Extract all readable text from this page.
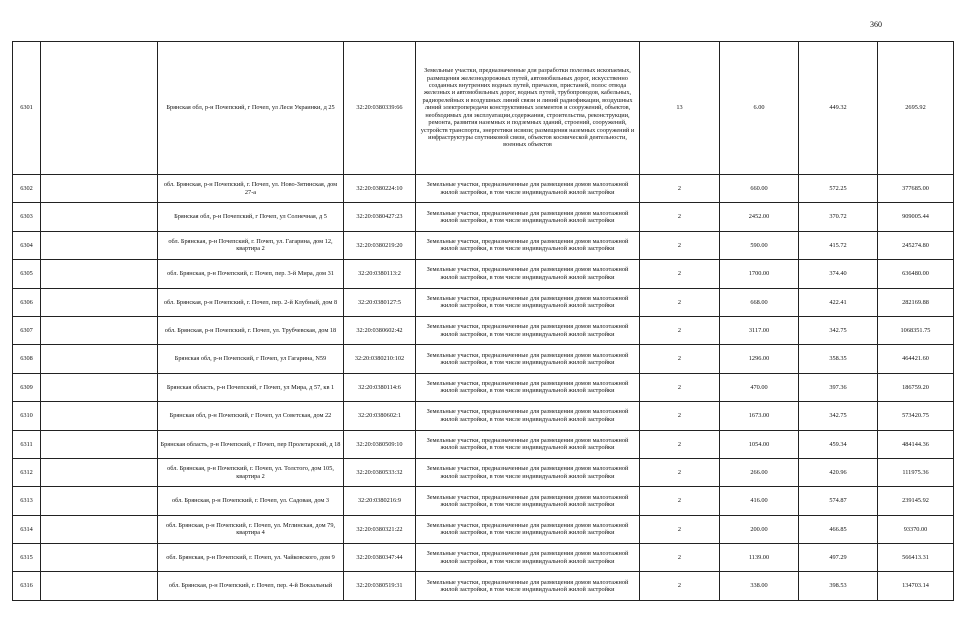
360
6301		Брянская обл, р-н Почепский, г Почеп, ул Леси Украинки, д 25	32:20:0380339:66	Земельные участки, предназначенные для разработки полезных ископаемых, размещения железнодорожных путей, автомобильных дорог, искусственно созданных внутренних водных путей, причалов, пристаней, полос отвода железных и автомобильных дорог, водных путей, трубопроводов, кабельных, радиорелейных и воздушных линий связи и линий радиофикации, воздушных линий электропередачи конструктивных элементов и сооружений, объектов, необходимых для эксплуатации,содержания, строительства, реконструкции, ремонта, развития наземных и подземных зданий, строений, сооружений, устройств транспорта, энергетики исвязи; размещения наземных сооружений и инфраструктуры спутниковой связи, объектов космической деятельности, военных объектов	13	6.00	449.32	2695.92
6302		обл. Брянская, р-н Почепский, г. Почеп, ул. Ново-Зятинская, дом 27-а	32:20:0380224:10	Земельные участки, предназначенные для размещения домов малоэтажной жилой застройки, в том числе индивидуальной жилой застройки	2	660.00	572.25	377685.00
6303		Брянская обл, р-н Почепский, г Почеп, ул Солнечная, д 5	32:20:0380427:23	Земельные участки, предназначенные для размещения домов малоэтажной жилой застройки, в том числе индивидуальной жилой застройки	2	2452.00	370.72	909005.44
6304		обл. Брянская, р-н Почепский, г. Почеп, ул. Гагарина, дом 12, квартира 2	32:20:0380219:20	Земельные участки, предназначенные для размещения домов малоэтажной жилой застройки, в том числе индивидуальной жилой застройки	2	590.00	415.72	245274.80
6305		обл. Брянская, р-н Почепский, г. Почеп, пер. 3-й Мира, дом 31	32:20:0380113:2	Земельные участки, предназначенные для размещения домов малоэтажной жилой застройки, в том числе индивидуальной жилой застройки	2	1700.00	374.40	636480.00
6306		обл. Брянская, р-н Почепский, г. Почеп, пер. 2-й Клубный, дом 8	32:20:0380127:5	Земельные участки, предназначенные для размещения домов малоэтажной жилой застройки, в том числе индивидуальной жилой застройки	2	668.00	422.41	282169.88
6307		обл. Брянская, р-н Почепский, г. Почеп, ул. Трубчевская, дом 18	32:20:0380602:42	Земельные участки, предназначенные для размещения домов малоэтажной жилой застройки, в том числе индивидуальной жилой застройки	2	3117.00	342.75	1068351.75
6308		Брянская обл, р-н Почепский, г Почеп, ул Гагарина, N59	32:20:0380210:102	Земельные участки, предназначенные для размещения домов малоэтажной жилой застройки, в том числе индивидуальной жилой застройки	2	1296.00	358.35	464421.60
6309		Брянская область, р-н Почепский, г Почеп, ул Мира, д 57, кв 1	32:20:0380114:6	Земельные участки, предназначенные для размещения домов малоэтажной жилой застройки, в том числе индивидуальной жилой застройки	2	470.00	397.36	186759.20
6310		Брянская обл, р-н Почепский, г Почеп, ул Советская, дом 22	32:20:0380602:1	Земельные участки, предназначенные для размещения домов малоэтажной жилой застройки, в том числе индивидуальной жилой застройки	2	1673.00	342.75	573420.75
6311		Брянская область, р-н Почепский, г Почеп, пер Пролетарский, д 18	32:20:0380509:10	Земельные участки, предназначенные для размещения домов малоэтажной жилой застройки, в том числе индивидуальной жилой застройки	2	1054.00	459.34	484144.36
6312		обл. Брянская, р-н Почепский, г. Почеп, ул. Толстого, дом 105, квартира 2	32:20:0380533:32	Земельные участки, предназначенные для размещения домов малоэтажной жилой застройки, в том числе индивидуальной жилой застройки	2	266.00	420.96	111975.36
6313		обл. Брянская, р-н Почепский, г. Почеп, ул. Садовая, дом 3	32:20:0380216:9	Земельные участки, предназначенные для размещения домов малоэтажной жилой застройки, в том числе индивидуальной жилой застройки	2	416.00	574.87	239145.92
6314		обл. Брянская, р-н Почепский, г. Почеп, ул. Мглинская, дом 79, квартира 4	32:20:0380321:22	Земельные участки, предназначенные для размещения домов малоэтажной жилой застройки, в том числе индивидуальной жилой застройки	2	200.00	466.85	93370.00
6315		обл. Брянская, р-н Почепский, г. Почеп, ул. Чайковского, дом 9	32:20:0380347:44	Земельные участки, предназначенные для размещения домов малоэтажной жилой застройки, в том числе индивидуальной жилой застройки	2	1139.00	497.29	566413.31
6316		обл. Брянская, р-н Почепский, г. Почеп, пер. 4-й Вокзальный	32:20:0380519:31	Земельные участки, предназначенные для размещения домов малоэтажной жилой застройки, в том числе индивидуальной жилой застройки	2	338.00	398.53	134703.14
